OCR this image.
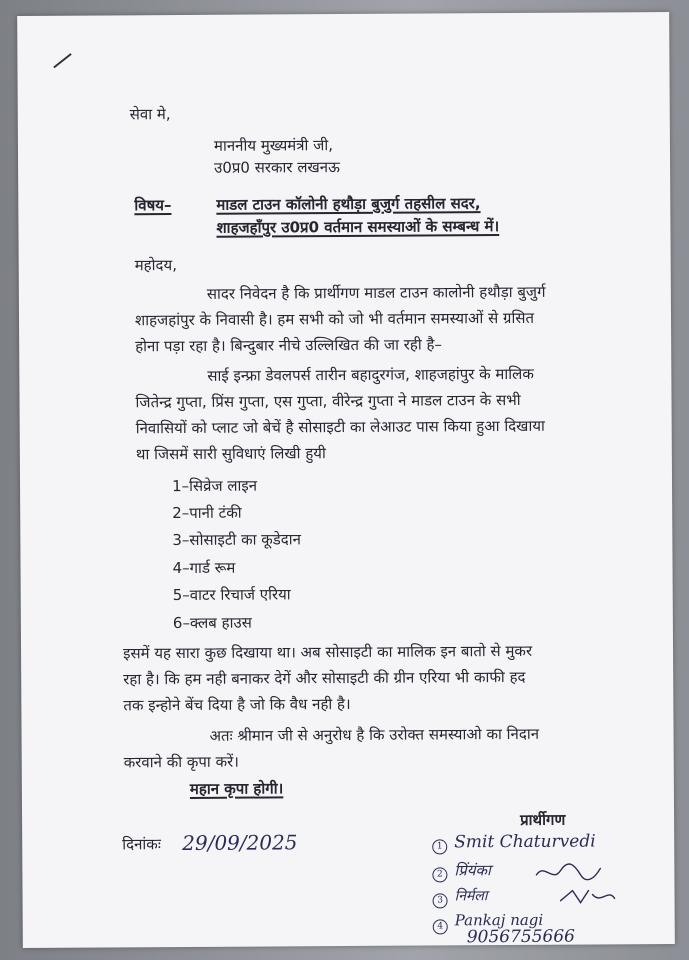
सेवा मे,
माननीय मुख्यमंत्री जी,
उ0प्र0 सरकार लखनऊ
विषय–	माडल टाउन कॉलोनी हथौड़ा बुजुर्ग तहसील सदर,
शाहजहाँपुर उ0प्र0 वर्तमान समस्याओं के सम्बन्ध में।
महोदय,
सादर निवेदन है कि प्रार्थीगण माडल टाउन कालोनी हथौड़ा बुजुर्ग
शाहजहांपुर के निवासी है। हम सभी को जो भी वर्तमान समस्याओं से ग्रसित
होना पड़ा रहा है। बिन्दुबार नीचे उल्लिखित की जा रही है–
साई इन्फ्रा डेवलपर्स तारीन बहादुरगंज, शाहजहांपुर के मालिक
जितेन्द्र गुप्ता, प्रिंस गुप्ता, एस गुप्ता, वीरेन्द्र गुप्ता ने माडल टाउन के सभी
निवासियों को प्लाट जो बेचें है सोसाइटी का लेआउट पास किया हुआ दिखाया
था जिसमें सारी सुविधाएं लिखी हुयी
1–सिव्रेज लाइन
2–पानी टंकी
3–सोसाइटी का कूडेदान
4–गार्ड रूम
5–वाटर रिचार्ज एरिया
6–क्लब हाउस
इसमें यह सारा कुछ दिखाया था। अब सोसाइटी का मालिक इन बातो से मुकर
रहा है। कि हम नही बनाकर देगें और सोसाइटी की ग्रीन एरिया भी काफी हद
तक इन्होने बेंच दिया है जो कि वैध नही है।
अतः श्रीमान जी से अनुरोध है कि उरोक्त समस्याओ का निदान
करवाने की कृपा करें।
महान कृपा होगी।
प्रार्थीगण
दिनांकः 29/09/2025	1 Smit Chaturvedi
2 प्रिंयंका
3 निर्मला
4 Pankaj nagi
9056755666
